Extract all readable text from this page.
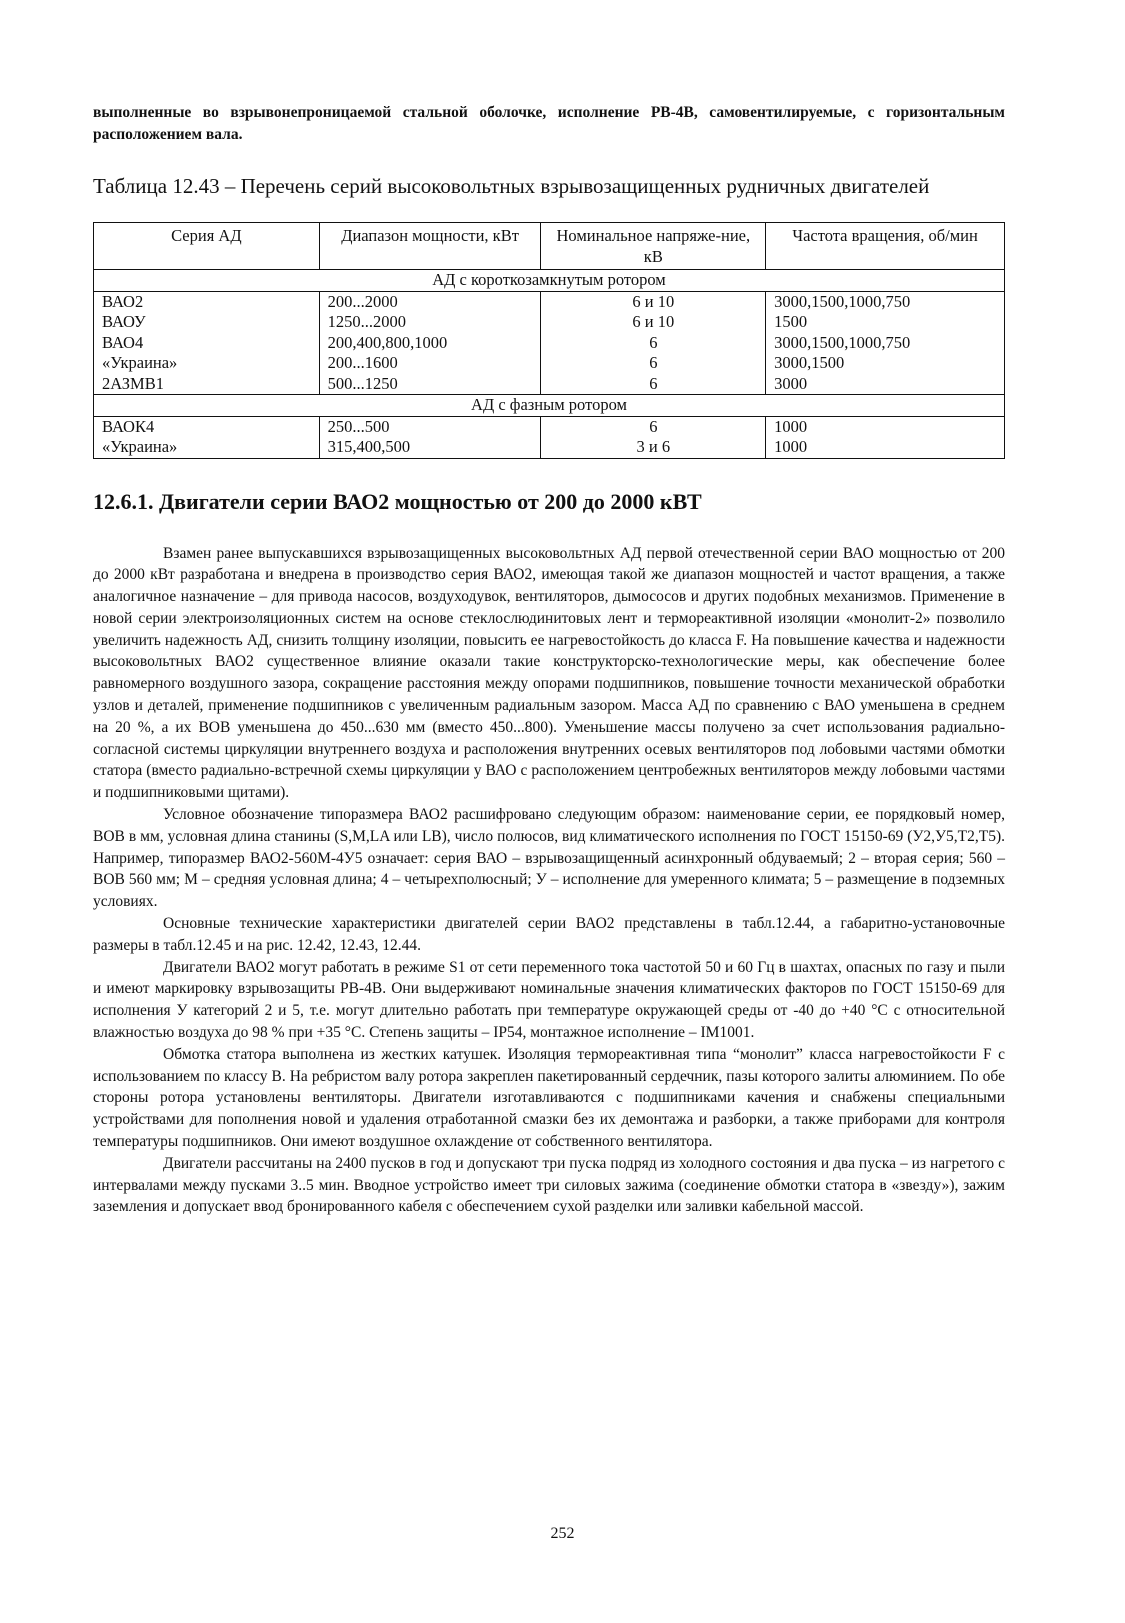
выполненные во взрывонепроницаемой стальной оболочке, исполнение РВ-4В, самовентилируемые, с горизонтальным расположением вала.

Таблица 12.43 – Перечень серий высоковольтных взрывозащищенных рудничных двигателей

Серия АД	Диапазон мощности, кВт	Номинальное напряже-ние, кВ	Частота вращения, об/мин
АД с короткозамкнутым ротором			
ВАО2	200...2000	6 и 10	3000,1500,1000,750
ВАОУ	1250...2000	6 и 10	1500
ВАО4	200,400,800,1000	6	3000,1500,1000,750
«Украина»	200...1600	6	3000,1500
2АЗМВ1	500...1250	6	3000
АД с фазным ротором			
ВАОК4	250...500	6	1000
«Украина»	315,400,500	3 и 6	1000
12.6.1. Двигатели серии ВАО2 мощностью от 200 до 2000 кВТ

Взамен ранее выпускавшихся взрывозащищенных высоковольтных АД первой отечественной серии ВАО мощностью от 200 до 2000 кВт разработана и внедрена в производство серия ВАО2, имеющая такой же диапазон мощностей и частот вращения, а также аналогичное назначение – для привода насосов, воздуходувок, вентиляторов, дымососов и других подобных механизмов. Применение в новой серии электроизоляционных систем на основе стеклослюдинитовых лент и термореактивной изоляции «монолит-2» позволило увеличить надежность АД, снизить толщину изоляции, повысить ее нагревостойкость до класса F. На повышение качества и надежности высоковольтных ВАО2 существенное влияние оказали такие конструкторско-технологические меры, как обеспечение более равномерного воздушного зазора, сокращение расстояния между опорами подшипников, повышение точности механической обработки узлов и деталей, применение подшипников с увеличенным радиальным зазором. Масса АД по сравнению с ВАО уменьшена в среднем на 20 %, а их ВОВ уменьшена до 450...630 мм (вместо 450...800). Уменьшение массы получено за счет использования радиально-согласной системы циркуляции внутреннего воздуха и расположения внутренних осевых вентиляторов под лобовыми частями обмотки статора (вместо радиально-встречной схемы циркуляции у ВАО с расположением центробежных вентиляторов между лобовыми частями и подшипниковыми щитами).

Условное обозначение типоразмера ВАО2 расшифровано следующим образом: наименование серии, ее порядковый номер, ВОВ в мм, условная длина станины (S,M,LA или LB), число полюсов, вид климатического исполнения по ГОСТ 15150-69 (У2,У5,Т2,Т5). Например, типоразмер ВАО2-560М-4У5 означает: серия ВАО – взрывозащищенный асинхронный обдуваемый; 2 – вторая серия; 560 – ВОВ 560 мм; М – средняя условная длина; 4 – четырехполюсный; У – исполнение для умеренного климата; 5 – размещение в подземных условиях.

Основные технические характеристики двигателей серии ВАО2 представлены в табл.12.44, а габаритно-установочные размеры в табл.12.45 и на рис. 12.42, 12.43, 12.44.

Двигатели ВАО2 могут работать в режиме S1 от сети переменного тока частотой 50 и 60 Гц в шахтах, опасных по газу и пыли и имеют маркировку взрывозащиты РВ-4В. Они выдерживают номинальные значения климатических факторов по ГОСТ 15150-69 для исполнения У категорий 2 и 5, т.е. могут длительно работать при температуре окружающей среды от -40 до +40 °С с относительной влажностью воздуха до 98 % при +35 °С. Степень защиты – IP54, монтажное исполнение – IM1001.

Обмотка статора выполнена из жестких катушек. Изоляция термореактивная типа “монолит” класса нагревостойкости F с использованием по классу В. На ребристом валу ротора закреплен пакетированный сердечник, пазы которого залиты алюминием. По обе стороны ротора установлены вентиляторы. Двигатели изготавливаются с подшипниками качения и снабжены специальными устройствами для пополнения новой и удаления отработанной смазки без их демонтажа и разборки, а также приборами для контроля температуры подшипников. Они имеют воздушное охлаждение от собственного вентилятора.

Двигатели рассчитаны на 2400 пусков в год и допускают три пуска подряд из холодного состояния и два пуска – из нагретого с интервалами между пусками 3..5 мин. Вводное устройство имеет три силовых зажима (соединение обмотки статора в «звезду»), зажим заземления и допускает ввод бронированного кабеля с обеспечением сухой разделки или заливки кабельной массой.

252
